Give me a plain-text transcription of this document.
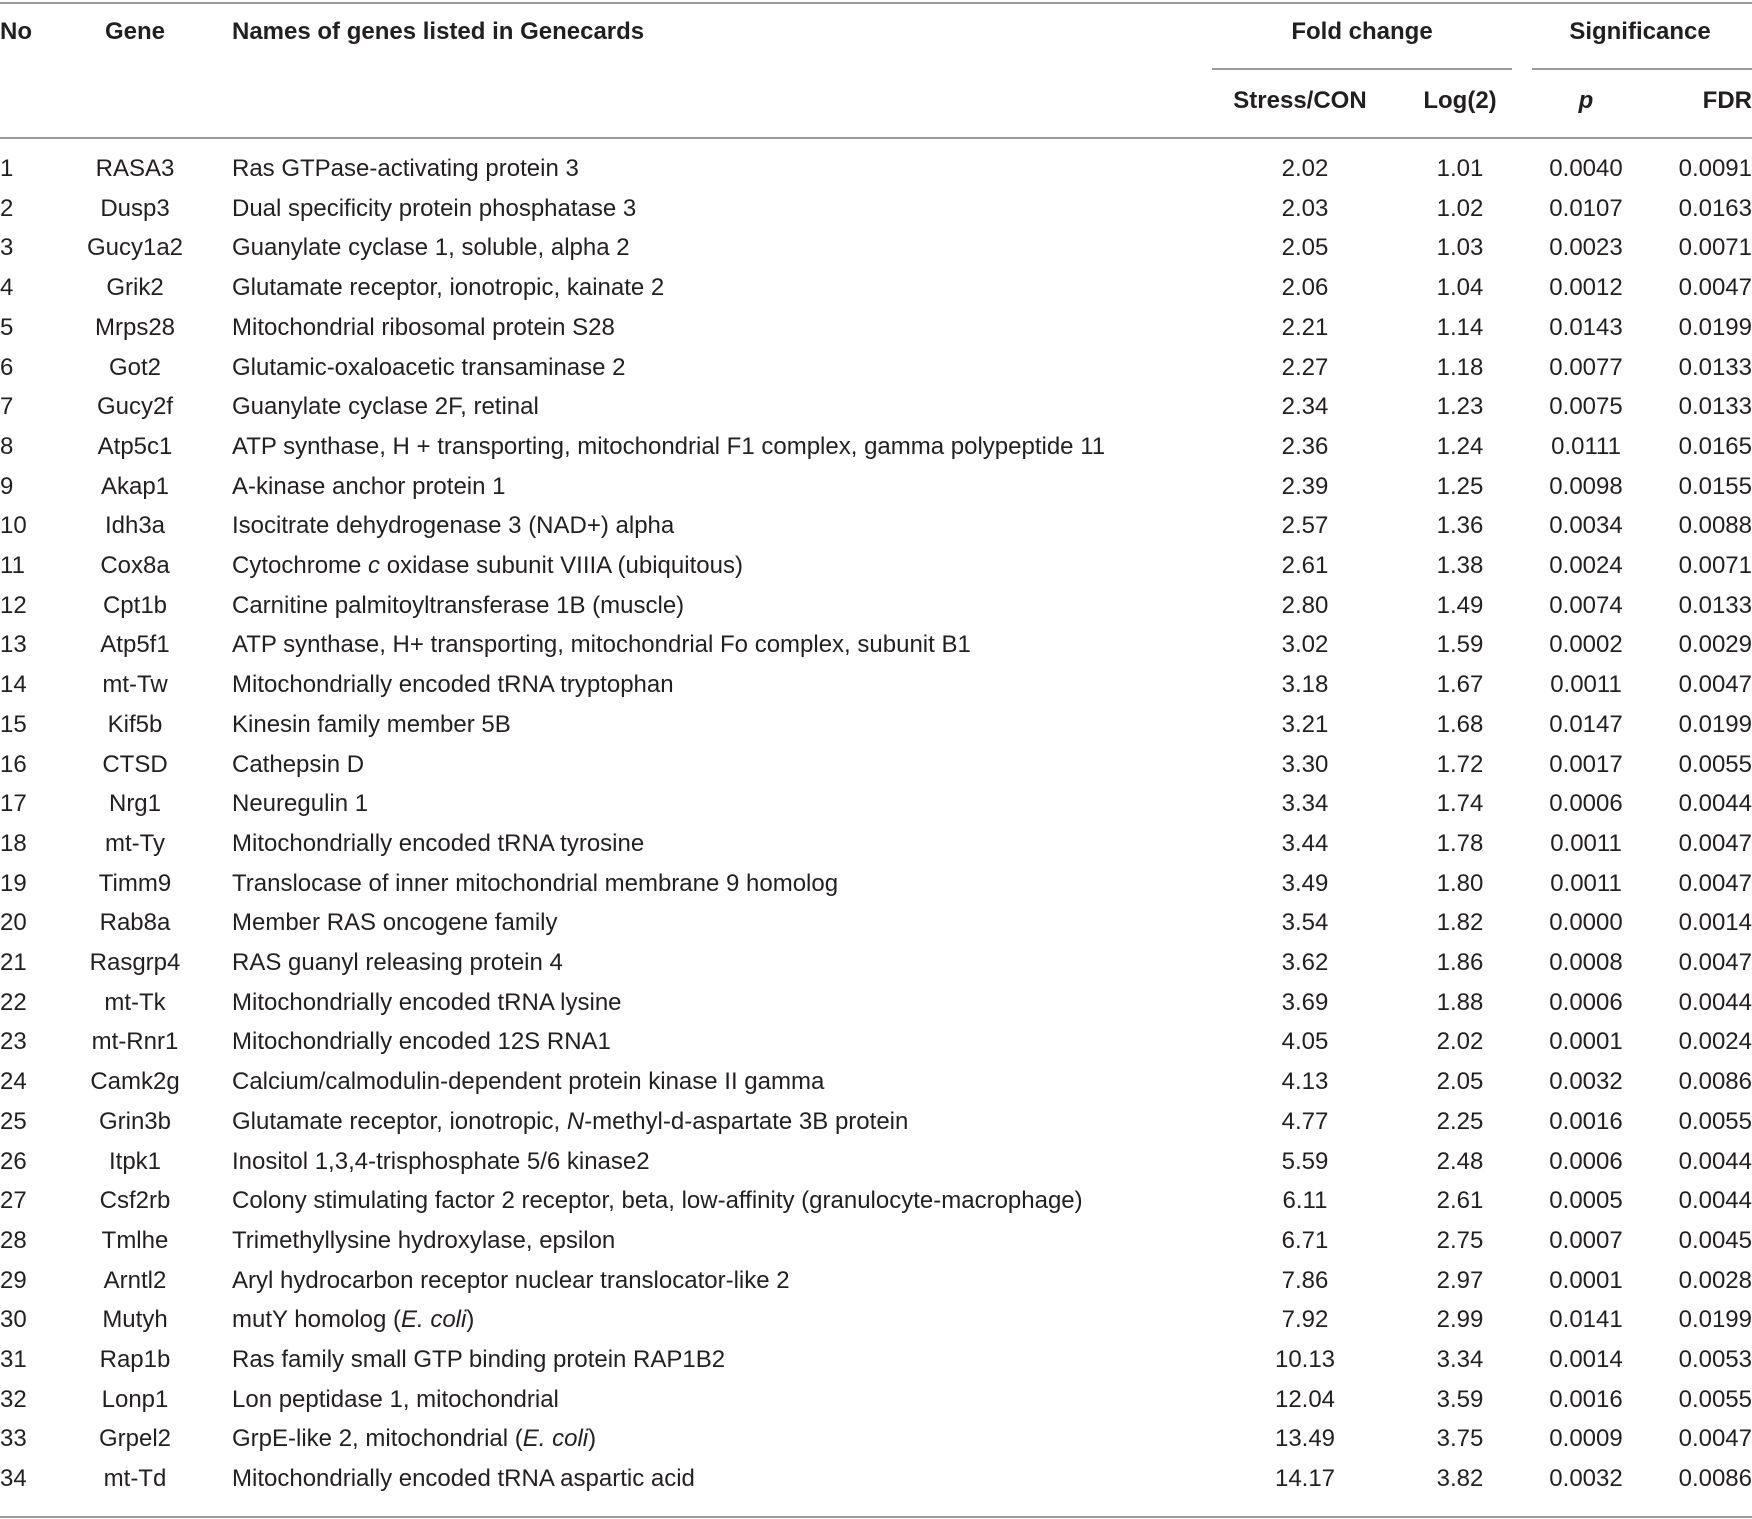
No	Gene	Names of genes listed in Genecards	Fold change	Significance
Stress/CON	Log(2)	p	FDR
1	RASA3	Ras GTPase-activating protein 3	2.02	1.01	0.0040	0.0091
2	Dusp3	Dual specificity protein phosphatase 3	2.03	1.02	0.0107	0.0163
3	Gucy1a2	Guanylate cyclase 1, soluble, alpha 2	2.05	1.03	0.0023	0.0071
4	Grik2	Glutamate receptor, ionotropic, kainate 2	2.06	1.04	0.0012	0.0047
5	Mrps28	Mitochondrial ribosomal protein S28	2.21	1.14	0.0143	0.0199
6	Got2	Glutamic-oxaloacetic transaminase 2	2.27	1.18	0.0077	0.0133
7	Gucy2f	Guanylate cyclase 2F, retinal	2.34	1.23	0.0075	0.0133
8	Atp5c1	ATP synthase, H + transporting, mitochondrial F1 complex, gamma polypeptide 11	2.36	1.24	0.0111	0.0165
9	Akap1	A-kinase anchor protein 1	2.39	1.25	0.0098	0.0155
10	Idh3a	Isocitrate dehydrogenase 3 (NAD+) alpha	2.57	1.36	0.0034	0.0088
11	Cox8a	Cytochrome c oxidase subunit VIIIA (ubiquitous)	2.61	1.38	0.0024	0.0071
12	Cpt1b	Carnitine palmitoyltransferase 1B (muscle)	2.80	1.49	0.0074	0.0133
13	Atp5f1	ATP synthase, H+ transporting, mitochondrial Fo complex, subunit B1	3.02	1.59	0.0002	0.0029
14	mt-Tw	Mitochondrially encoded tRNA tryptophan	3.18	1.67	0.0011	0.0047
15	Kif5b	Kinesin family member 5B	3.21	1.68	0.0147	0.0199
16	CTSD	Cathepsin D	3.30	1.72	0.0017	0.0055
17	Nrg1	Neuregulin 1	3.34	1.74	0.0006	0.0044
18	mt-Ty	Mitochondrially encoded tRNA tyrosine	3.44	1.78	0.0011	0.0047
19	Timm9	Translocase of inner mitochondrial membrane 9 homolog	3.49	1.80	0.0011	0.0047
20	Rab8a	Member RAS oncogene family	3.54	1.82	0.0000	0.0014
21	Rasgrp4	RAS guanyl releasing protein 4	3.62	1.86	0.0008	0.0047
22	mt-Tk	Mitochondrially encoded tRNA lysine	3.69	1.88	0.0006	0.0044
23	mt-Rnr1	Mitochondrially encoded 12S RNA1	4.05	2.02	0.0001	0.0024
24	Camk2g	Calcium/calmodulin-dependent protein kinase II gamma	4.13	2.05	0.0032	0.0086
25	Grin3b	Glutamate receptor, ionotropic, N-methyl-d-aspartate 3B protein	4.77	2.25	0.0016	0.0055
26	Itpk1	Inositol 1,3,4-trisphosphate 5/6 kinase2	5.59	2.48	0.0006	0.0044
27	Csf2rb	Colony stimulating factor 2 receptor, beta, low-affinity (granulocyte-macrophage)	6.11	2.61	0.0005	0.0044
28	Tmlhe	Trimethyllysine hydroxylase, epsilon	6.71	2.75	0.0007	0.0045
29	Arntl2	Aryl hydrocarbon receptor nuclear translocator-like 2	7.86	2.97	0.0001	0.0028
30	Mutyh	mutY homolog (E. coli)	7.92	2.99	0.0141	0.0199
31	Rap1b	Ras family small GTP binding protein RAP1B2	10.13	3.34	0.0014	0.0053
32	Lonp1	Lon peptidase 1, mitochondrial	12.04	3.59	0.0016	0.0055
33	Grpel2	GrpE-like 2, mitochondrial (E. coli)	13.49	3.75	0.0009	0.0047
34	mt-Td	Mitochondrially encoded tRNA aspartic acid	14.17	3.82	0.0032	0.0086
